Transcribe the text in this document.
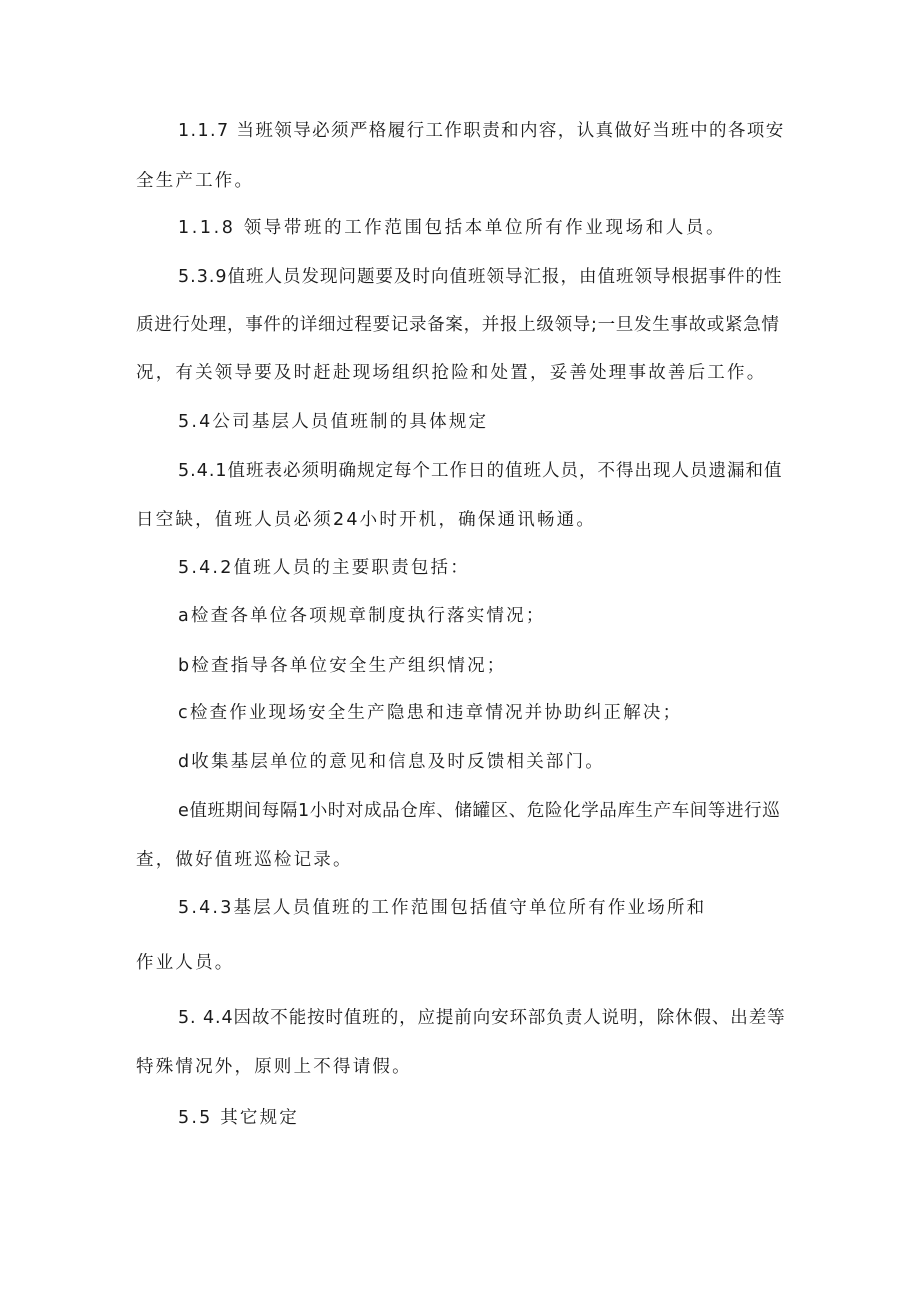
1.1.7 当班领导必须严格履行工作职责和内容，认真做好当班中的各项安

全生产工作。

1.1.8 领导带班的工作范围包括本单位所有作业现场和人员。

5.3.9值班人员发现问题要及时向值班领导汇报，由值班领导根据事件的性

质进行处理，事件的详细过程要记录备案，并报上级领导;一旦发生事故或紧急情

况，有关领导要及时赶赴现场组织抢险和处置，妥善处理事故善后工作。

5.4公司基层人员值班制的具体规定

5.4.1值班表必须明确规定每个工作日的值班人员，不得出现人员遗漏和值

日空缺，值班人员必须24小时开机，确保通讯畅通。

5.4.2值班人员的主要职责包括：

a检查各单位各项规章制度执行落实情况；

b检查指导各单位安全生产组织情况；

c检查作业现场安全生产隐患和违章情况并协助纠正解决；

d收集基层单位的意见和信息及时反馈相关部门。

e值班期间每隔1小时对成品仓库、储罐区、危险化学品库生产车间等进行巡

查，做好值班巡检记录。

5.4.3基层人员值班的工作范围包括值守单位所有作业场所和

作业人员。

5. 4.4因故不能按时值班的，应提前向安环部负责人说明，除休假、出差等

特殊情况外，原则上不得请假。

5.5 其它规定
